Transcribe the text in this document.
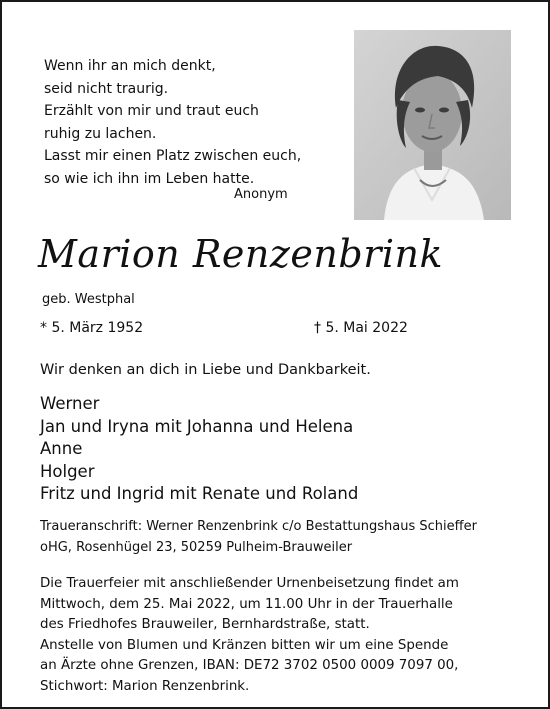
Wenn ihr an mich denkt,
seid nicht traurig.
Erzählt von mir und traut euch
ruhig zu lachen.
Lasst mir einen Platz zwischen euch,
so wie ich ihn im Leben hatte.
Anonym
Marion Renzenbrink
geb. Westphal
* 5. März 1952	† 5. Mai 2022
Wir denken an dich in Liebe und Dankbarkeit.
Werner
Jan und Iryna mit Johanna und Helena
Anne
Holger
Fritz und Ingrid mit Renate und Roland
Traueranschrift: Werner Renzenbrink c/o Bestattungshaus Schieffer
oHG, Rosenhügel 23, 50259 Pulheim-Brauweiler
Die Trauerfeier mit anschließender Urnenbeisetzung findet am
Mittwoch, dem 25. Mai 2022, um 11.00 Uhr in der Trauerhalle
des Friedhofes Brauweiler, Bernhardstraße, statt.
Anstelle von Blumen und Kränzen bitten wir um eine Spende
an Ärzte ohne Grenzen, IBAN: DE72 3702 0500 0009 7097 00,
Stichwort: Marion Renzenbrink.
